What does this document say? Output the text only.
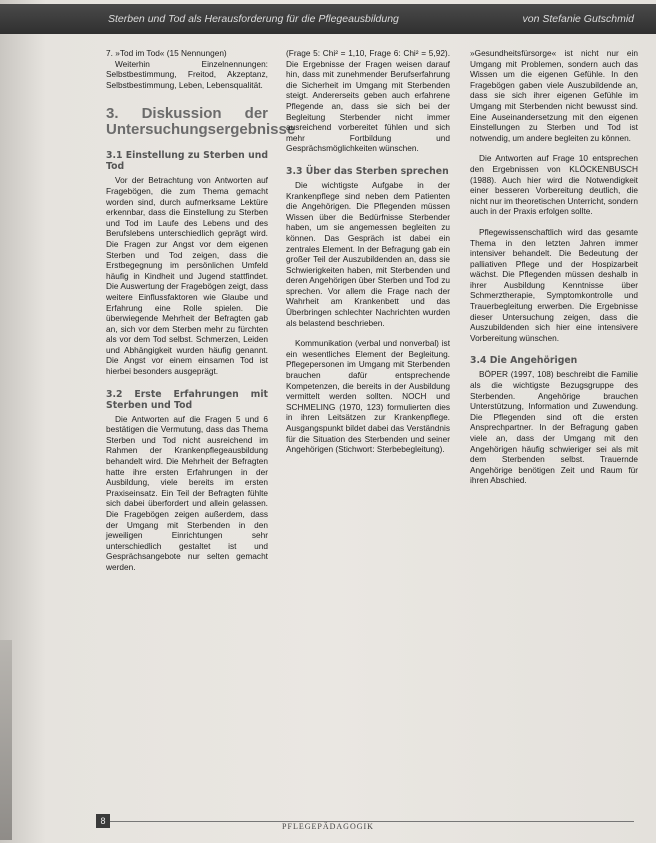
Sterben und Tod als Herausforderung für die Pflegeausbildung	von Stefanie Gutschmid

7. »Tod im Tod« (15 Nennungen)

Weiterhin Einzelnennungen: Selbstbestimmung, Freitod, Akzeptanz, Selbstbestimmung, Leben, Lebensqualität.

3. Diskussion der Untersuchungsergebnisse
3.1 Einstellung zu Sterben und Tod

Vor der Betrachtung von Antworten auf Fragebögen, die zum Thema gemacht worden sind, durch aufmerksame Lektüre erkennbar, dass die Einstellung zu Sterben und Tod im Laufe des Lebens und des Berufslebens unterschiedlich geprägt wird. Die Fragen zur Angst vor dem eigenen Sterben und Tod zeigen, dass die Erstbegegnung im persönlichen Umfeld häufig in Kindheit und Jugend stattfindet. Die Auswertung der Fragebögen zeigt, dass weitere Einflussfaktoren wie Glaube und Erfahrung eine Rolle spielen. Die überwiegende Mehrheit der Befragten gab an, sich vor dem Sterben mehr zu fürchten als vor dem Tod selbst. Schmerzen, Leiden und Abhängigkeit wurden häufig genannt. Die Angst vor einem einsamen Tod ist hierbei besonders ausgeprägt.

3.2 Erste Erfahrungen mit Sterben und Tod

Die Antworten auf die Fragen 5 und 6 bestätigen die Vermutung, dass das Thema Sterben und Tod nicht ausreichend im Rahmen der Krankenpflegeausbildung behandelt wird. Die Mehrheit der Befragten hatte ihre ersten Erfahrungen in der Ausbildung, viele bereits im ersten Praxiseinsatz. Ein Teil der Befragten fühlte sich dabei überfordert und allein gelassen. Die Fragebögen zeigen außerdem, dass der Umgang mit Sterbenden in den jeweiligen Einrichtungen sehr unterschiedlich gestaltet ist und Gesprächsangebote nur selten gemacht werden.

(Frage 5: Chi² = 1,10, Frage 6: Chi² = 5,92). Die Ergebnisse der Fragen weisen darauf hin, dass mit zunehmender Berufserfahrung die Sicherheit im Umgang mit Sterbenden steigt. Andererseits geben auch erfahrene Pflegende an, dass sie sich bei der Begleitung Sterbender nicht immer ausreichend vorbereitet fühlen und sich mehr Fortbildung und Gesprächsmöglichkeiten wünschen.

3.3 Über das Sterben sprechen

Die wichtigste Aufgabe in der Krankenpflege sind neben dem Patienten die Angehörigen. Die Pflegenden müssen Wissen über die Bedürfnisse Sterbender haben, um sie angemessen begleiten zu können. Das Gespräch ist dabei ein zentrales Element. In der Befragung gab ein großer Teil der Auszubildenden an, dass sie Schwierigkeiten haben, mit Sterbenden und deren Angehörigen über Sterben und Tod zu sprechen. Vor allem die Frage nach der Wahrheit am Krankenbett und das Überbringen schlechter Nachrichten wurden als belastend beschrieben.

Kommunikation (verbal und nonverbal) ist ein wesentliches Element der Begleitung. Pflegepersonen im Umgang mit Sterbenden brauchen dafür entsprechende Kompetenzen, die bereits in der Ausbildung vermittelt werden sollten. NOCH und SCHMELING (1970, 123) formulierten dies in ihren Leitsätzen zur Krankenpflege. Ausgangspunkt bildet dabei das Verständnis für die Situation des Sterbenden und seiner Angehörigen (Stichwort: Sterbebegleitung).

»Gesundheitsfürsorge« ist nicht nur ein Umgang mit Problemen, sondern auch das Wissen um die eigenen Gefühle. In den Fragebögen gaben viele Auszubildende an, dass sie sich ihrer eigenen Gefühle im Umgang mit Sterbenden nicht bewusst sind. Eine Auseinandersetzung mit den eigenen Einstellungen zu Sterben und Tod ist notwendig, um andere begleiten zu können.

Die Antworten auf Frage 10 entsprechen den Ergebnissen von KLÖCKENBUSCH (1988). Auch hier wird die Notwendigkeit einer besseren Vorbereitung deutlich, die nicht nur im theoretischen Unterricht, sondern auch in der Praxis erfolgen sollte.

Pflegewissenschaftlich wird das gesamte Thema in den letzten Jahren immer intensiver behandelt. Die Bedeutung der palliativen Pflege und der Hospizarbeit wächst. Die Pflegenden müssen deshalb in ihrer Ausbildung Kenntnisse über Schmerztherapie, Symptomkontrolle und Trauerbegleitung erwerben. Die Ergebnisse dieser Untersuchung zeigen, dass die Auszubildenden sich hier eine intensivere Vorbereitung wünschen.

3.4 Die Angehörigen

BÖPER (1997, 108) beschreibt die Familie als die wichtigste Bezugsgruppe des Sterbenden. Angehörige brauchen Unterstützung, Information und Zuwendung. Die Pflegenden sind oft die ersten Ansprechpartner. In der Befragung gaben viele an, dass der Umgang mit den Angehörigen häufig schwieriger sei als mit dem Sterbenden selbst. Trauernde Angehörige benötigen Zeit und Raum für ihren Abschied.

8
PFLEGEPÄDAGOGIK
